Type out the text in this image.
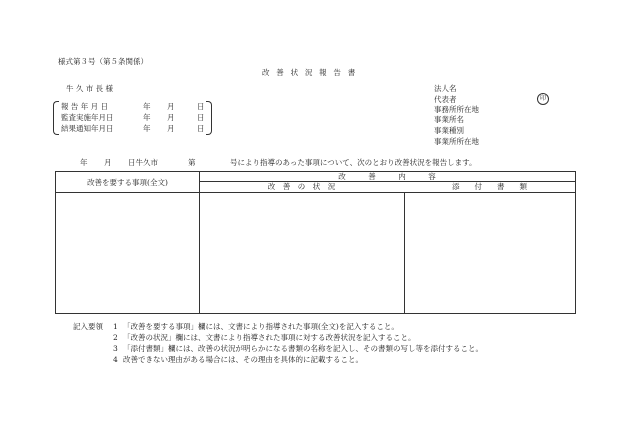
様式第３号（第５条関係）
改 善 状 況 報 告 書
牛 久 市 長 様
報 告 年 月 日	年 月	日
監査実施年月日	年 月	日
結果通知年月日	年 月	日
法人名
代表者	印
事務所所在地
事業所名
事業種別
事業所所在地
年 月 日牛久市	第	号により指導のあった事項について、次のとおり改善状況を報告します。
改善を要する事項(全文)
改　　　善　　　内　　　容
改　善　の　状　況	添　　付　　書　　類
記入要領 1 「改善を要する事項」欄には、文書により指導された事項(全文)を記入すること。
2 「改善の状況」欄には、文書により指導された事項に対する改善状況を記入すること。
3 「添付書類」欄には、改善の状況が明らかになる書類の名称を記入し、その書類の写し等を添付すること。
4 改善できない理由がある場合には、その理由を具体的に記載すること。
